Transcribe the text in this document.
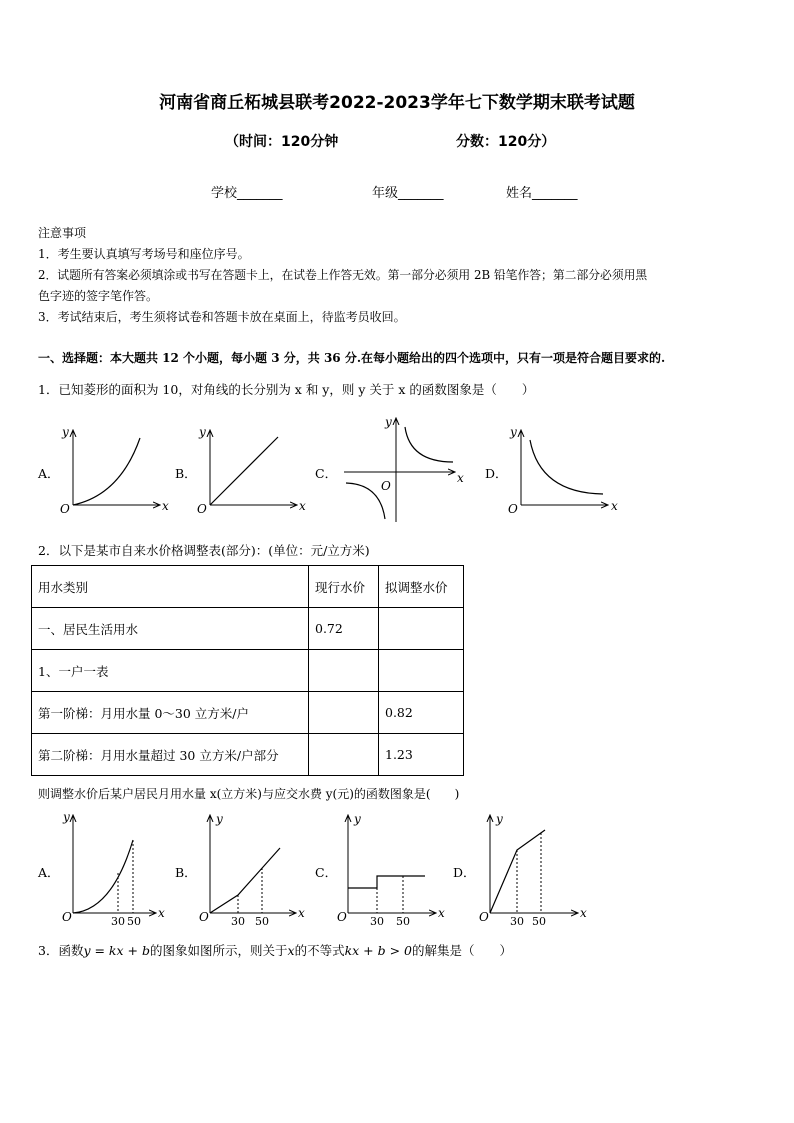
河南省商丘柘城县联考2022-2023学年七下数学期末联考试题
（时间：120分钟	分数：120分）
学校_______	年级_______	姓名_______
注意事项
1．考生要认真填写考场号和座位序号。
2．试题所有答案必须填涂或书写在答题卡上，在试卷上作答无效。第一部分必须用 2B 铅笔作答；第二部分必须用黑
色字迹的签字笔作答。
3．考试结束后，考生须将试卷和答题卡放在桌面上，待监考员收回。
一、选择题：本大题共 12 个小题，每小题 3 分，共 36 分.在每小题给出的四个选项中，只有一项是符合题目要求的.
1．已知菱形的面积为 10，对角线的长分别为 x 和 y，则 y 关于 x 的函数图象是（　　）
A．	B．	C．	D．
x
y
O	x
y
O
x
y
O
x
y
O
30 50
x
y
O	30 50
x
y
O	30 50
x
y
O	30 50
x
y
O
2．以下是某市自来水价格调整表(部分)：(单位：元/立方米)
用水类别	现行水价	拟调整水价
一、居民生活用水	0.72	
1、一户一表		
第一阶梯：月用水量 0～30 立方米/户		0.82
第二阶梯：月用水量超过 30 立方米/户部分		1.23
则调整水价后某户居民月用水量 x(立方米)与应交水费 y(元)的函数图象是(　　)
A．	B．	C．	D．
3．函数y = kx + b的图象如图所示，则关于x的不等式kx + b > 0的解集是（　　）
